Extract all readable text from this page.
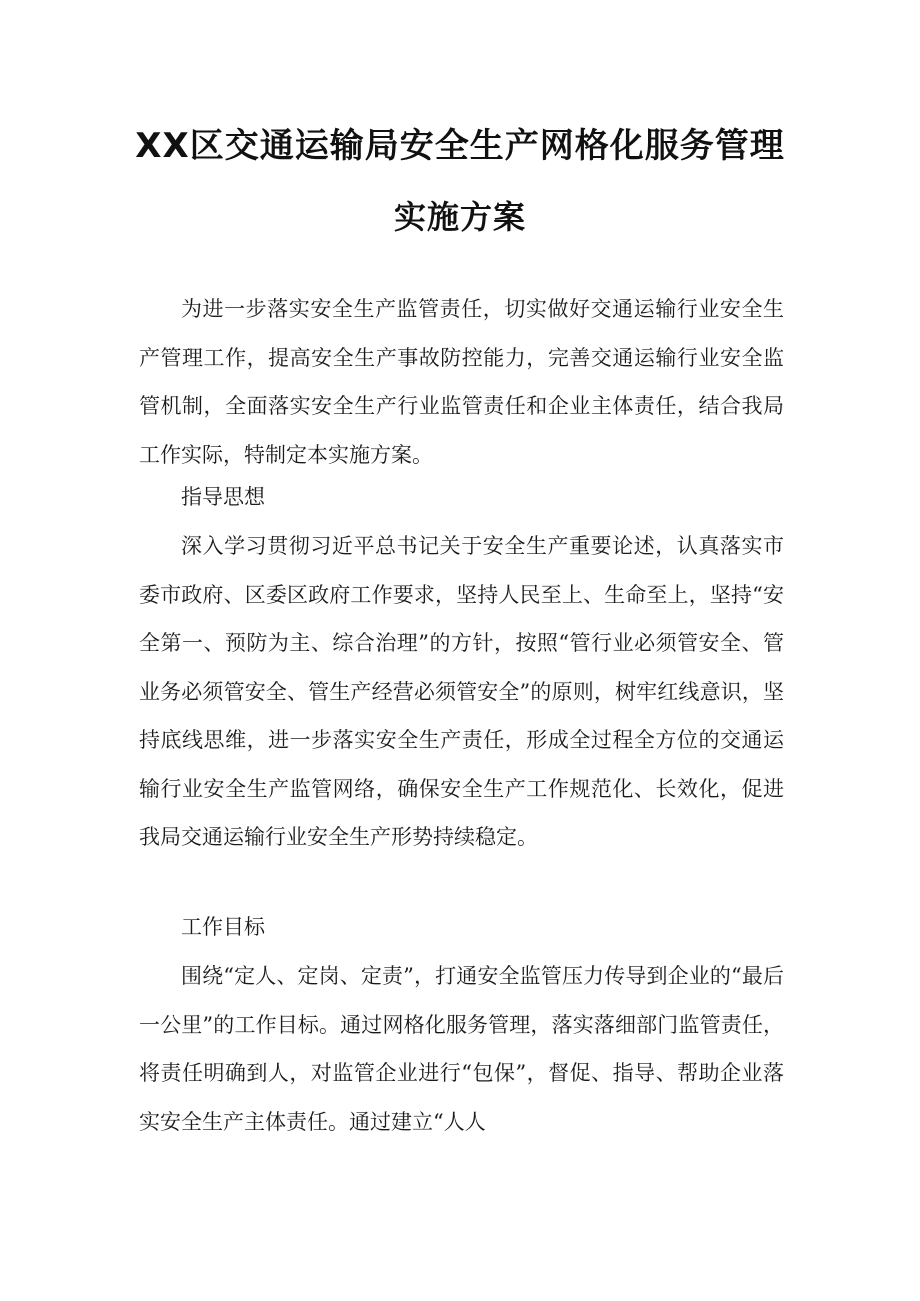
XX区交通运输局安全生产网格化服务管理
实施方案

为进一步落实安全生产监管责任，切实做好交通运输行业安全生产管理工作，提高安全生产事故防控能力，完善交通运输行业安全监管机制，全面落实安全生产行业监管责任和企业主体责任，结合我局工作实际，特制定本实施方案。

指导思想

深入学习贯彻习近平总书记关于安全生产重要论述，认真落实市委市政府、区委区政府工作要求，坚持人民至上、生命至上，坚持“安全第一、预防为主、综合治理”的方针，按照“管行业必须管安全、管业务必须管安全、管生产经营必须管安全”的原则，树牢红线意识，坚持底线思维，进一步落实安全生产责任，形成全过程全方位的交通运输行业安全生产监管网络，确保安全生产工作规范化、长效化，促进我局交通运输行业安全生产形势持续稳定。

工作目标

围绕“定人、定岗、定责”，打通安全监管压力传导到企业的“最后一公里”的工作目标。通过网格化服务管理，落实落细部门监管责任，将责任明确到人，对监管企业进行“包保”，督促、指导、帮助企业落实安全生产主体责任。通过建立“人人
